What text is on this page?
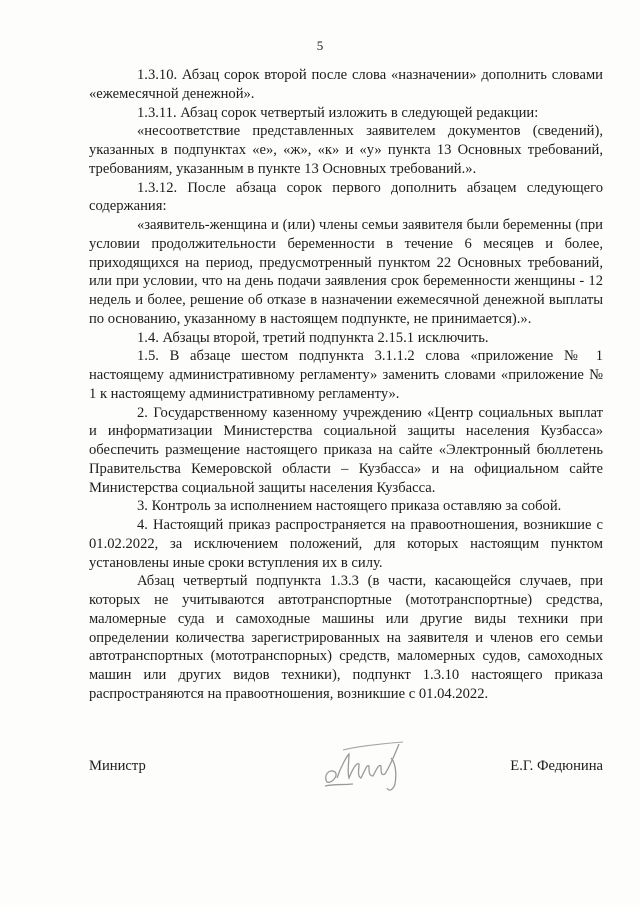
5

1.3.10. Абзац сорок второй после слова «назначении» дополнить словами «ежемесячной денежной».

1.3.11. Абзац сорок четвертый изложить в следующей редакции:

«несоответствие представленных заявителем документов (сведений), указанных в подпунктах «е», «ж», «к» и «у» пункта 13 Основных требований, требованиям, указанным в пункте 13 Основных требований.».

1.3.12. После абзаца сорок первого дополнить абзацем следующего содержания:

«заявитель-женщина и (или) члены семьи заявителя были беременны (при условии продолжительности беременности в течение 6 месяцев и более, приходящихся на период, предусмотренный пунктом 22 Основных требований, или при условии, что на день подачи заявления срок беременности женщины - 12 недель и более, решение об отказе в назначении ежемесячной денежной выплаты по основанию, указанному в настоящем подпункте, не принимается).».

1.4. Абзацы второй, третий подпункта 2.15.1 исключить.

1.5. В абзаце шестом подпункта 3.1.1.2 слова «приложение № 1 настоящему административному регламенту» заменить словами «приложение № 1 к настоящему административному регламенту».

2. Государственному казенному учреждению «Центр социальных выплат и информатизации Министерства социальной защиты населения Кузбасса» обеспечить размещение настоящего приказа на сайте «Электронный бюллетень Правительства Кемеровской области – Кузбасса» и на официальном сайте Министерства социальной защиты населения Кузбасса.

3. Контроль за исполнением настоящего приказа оставляю за собой.

4. Настоящий приказ распространяется на правоотношения, возникшие с 01.02.2022, за исключением положений, для которых настоящим пунктом установлены иные сроки вступления их в силу.

Абзац четвертый подпункта 1.3.3 (в части, касающейся случаев, при которых не учитываются автотранспортные (мототранспортные) средства, маломерные суда и самоходные машины или другие виды техники при определении количества зарегистрированных на заявителя и членов его семьи автотранспортных (мототранспорных) средств, маломерных судов, самоходных машин или других видов техники), подпункт 1.3.10 настоящего приказа распространяются на правоотношения, возникшие с 01.04.2022.

Министр	Е.Г. Федюнина
